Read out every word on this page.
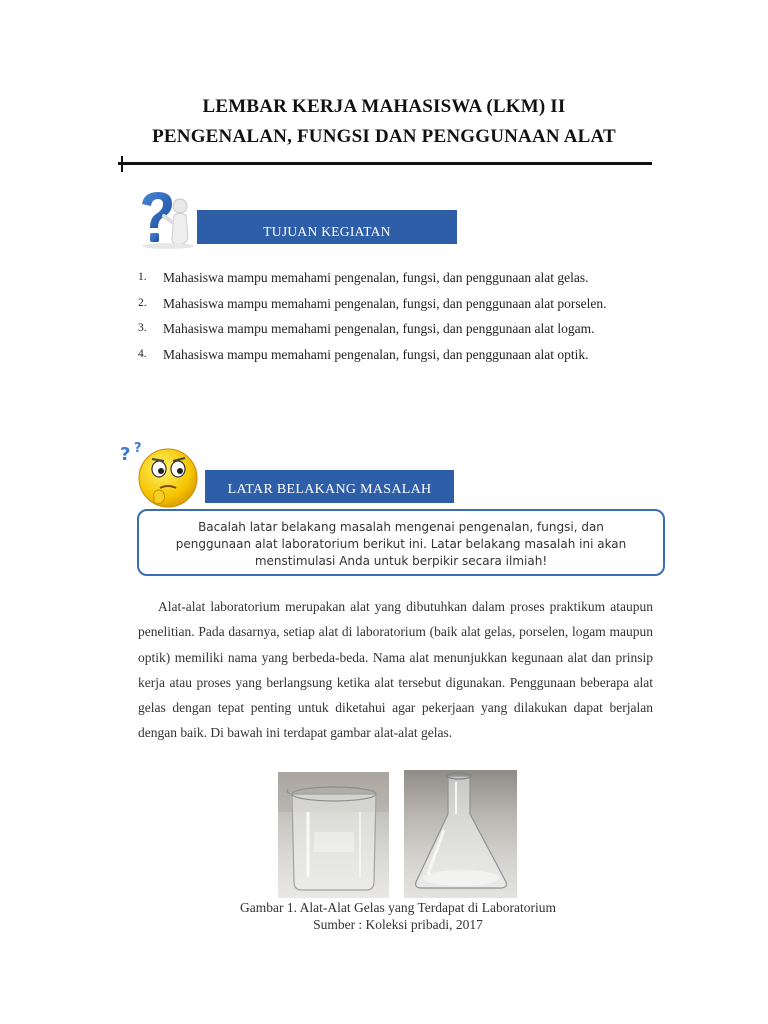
LEMBAR KERJA MAHASISWA (LKM) II
PENGENALAN, FUNGSI DAN PENGGUNAAN ALAT
TUJUAN KEGIATAN
1.	Mahasiswa mampu memahami pengenalan, fungsi, dan penggunaan alat gelas.
2.	Mahasiswa mampu memahami pengenalan, fungsi, dan penggunaan alat porselen.
3.	Mahasiswa mampu memahami pengenalan, fungsi, dan penggunaan alat logam.
4.	Mahasiswa mampu memahami pengenalan, fungsi, dan penggunaan alat optik.
? ?
LATAR BELAKANG MASALAH
Bacalah latar belakang masalah mengenai pengenalan, fungsi, dan
penggunaan alat laboratorium berikut ini. Latar belakang masalah ini akan
menstimulasi Anda untuk berpikir secara ilmiah!
Alat-alat laboratorium merupakan alat yang dibutuhkan dalam proses praktikum ataupun penelitian. Pada dasarnya, setiap alat di laboratorium (baik alat gelas, porselen, logam maupun optik) memiliki nama yang berbeda-beda. Nama alat menunjukkan kegunaan alat dan prinsip kerja atau proses yang berlangsung ketika alat tersebut digunakan. Penggunaan beberapa alat gelas dengan tepat penting untuk diketahui agar pekerjaan yang dilakukan dapat berjalan dengan baik. Di bawah ini terdapat gambar alat-alat gelas.
Gambar 1. Alat-Alat Gelas yang Terdapat di Laboratorium
Sumber : Koleksi pribadi, 2017
